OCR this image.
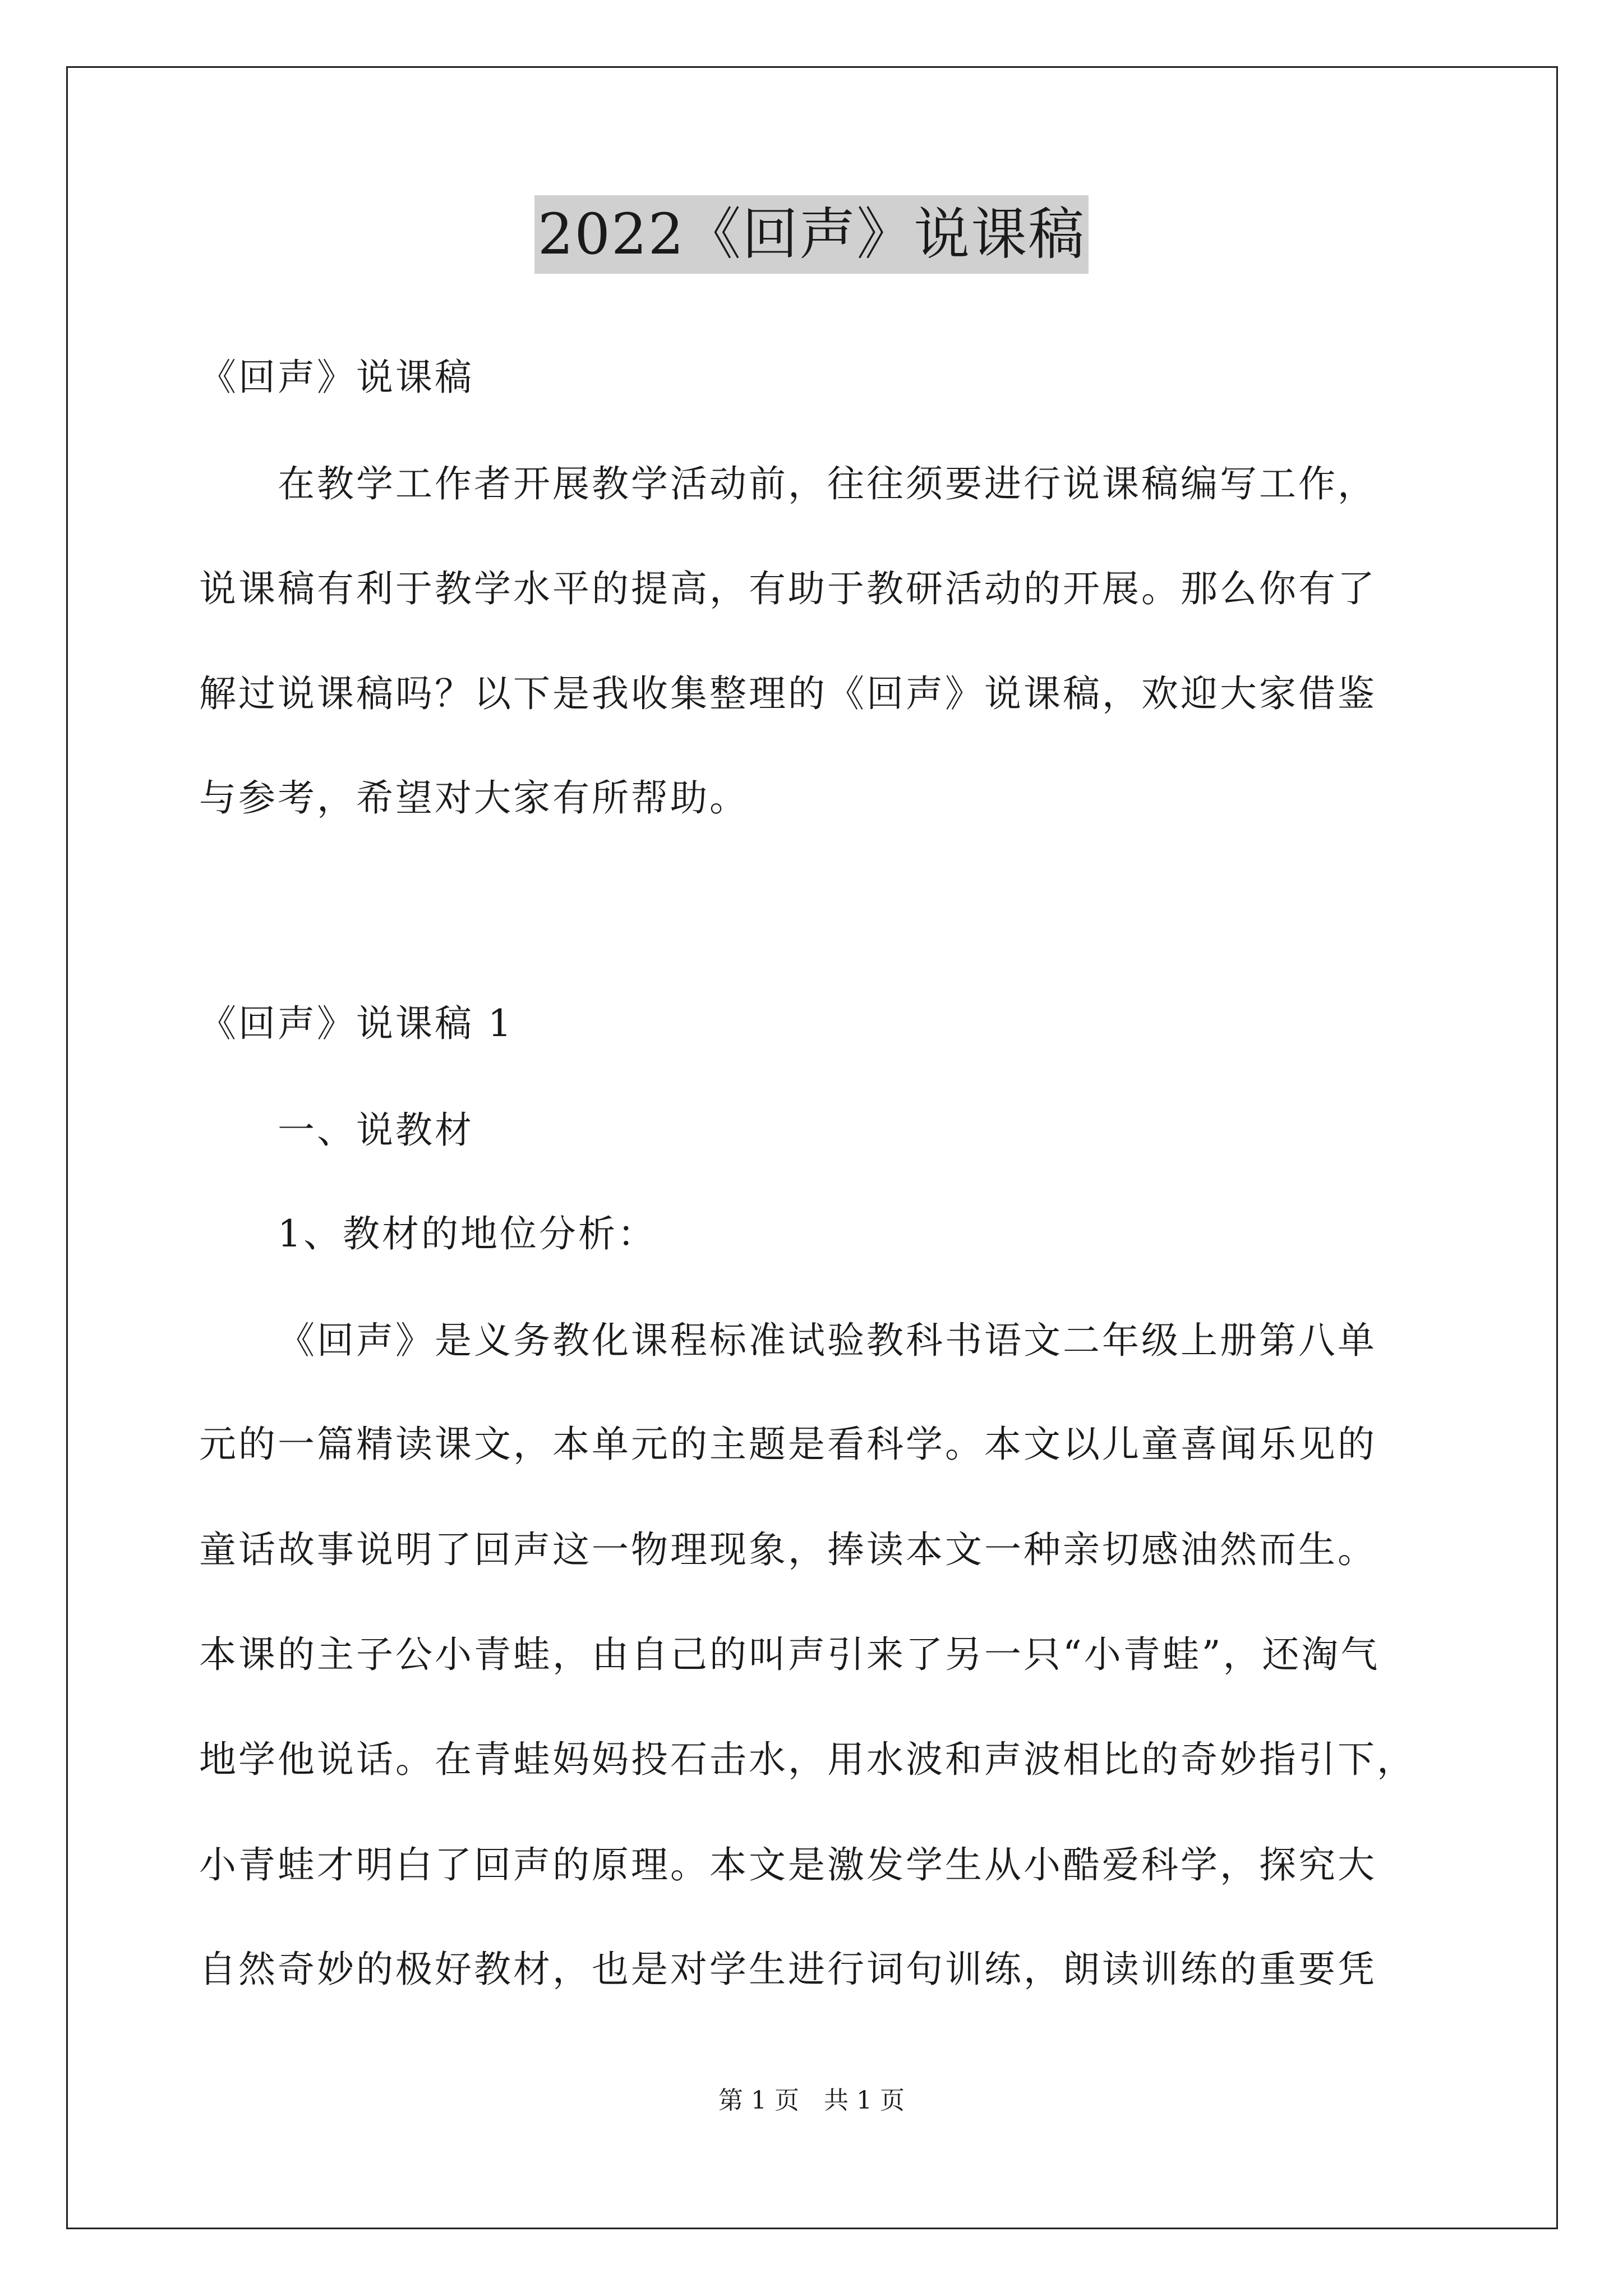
2022《回声》说课稿
《回声》说课稿
在教学工作者开展教学活动前，往往须要进行说课稿编写工作，
说课稿有利于教学水平的提高，有助于教研活动的开展。那么你有了
解过说课稿吗？以下是我收集整理的《回声》说课稿，欢迎大家借鉴
与参考，希望对大家有所帮助。
《回声》说课稿 1
一、说教材
1、教材的地位分析：
《回声》是义务教化课程标准试验教科书语文二年级上册第八单
元的一篇精读课文，本单元的主题是看科学。本文以儿童喜闻乐见的
童话故事说明了回声这一物理现象，捧读本文一种亲切感油然而生。
本课的主子公小青蛙，由自己的叫声引来了另一只“小青蛙”，还淘气
地学他说话。在青蛙妈妈投石击水，用水波和声波相比的奇妙指引下，
小青蛙才明白了回声的原理。本文是激发学生从小酷爱科学，探究大
自然奇妙的极好教材，也是对学生进行词句训练，朗读训练的重要凭
第 1 页　共 1 页
